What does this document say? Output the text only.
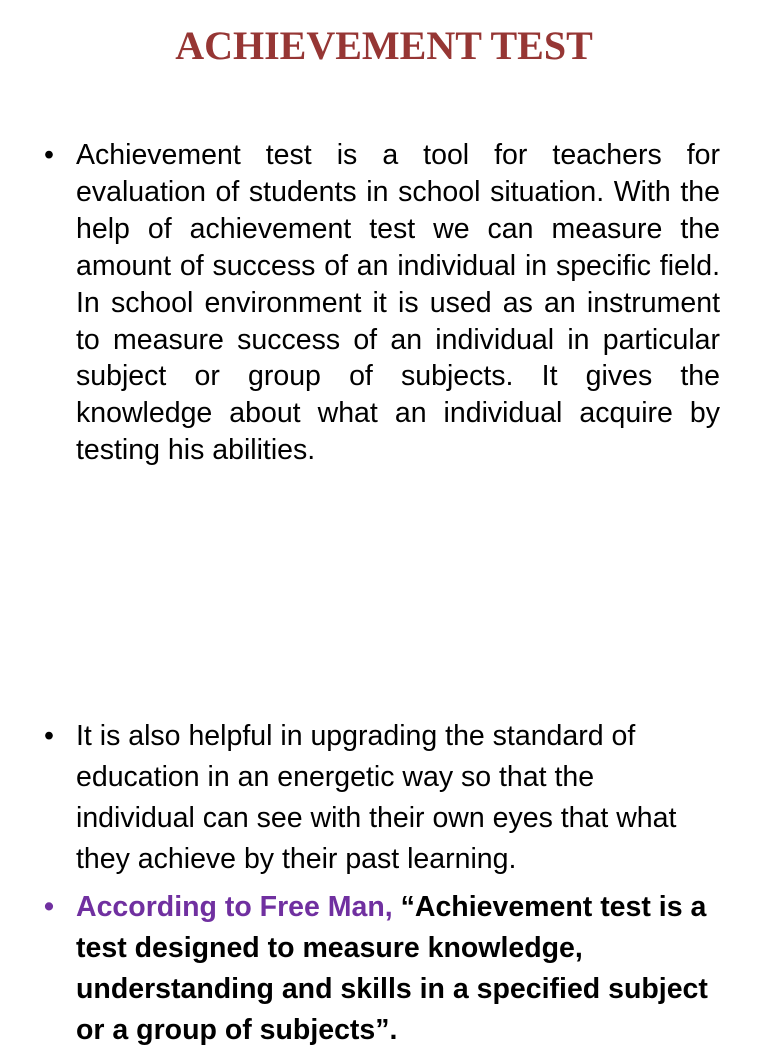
ACHIEVEMENT TEST
• Achievement test is a tool for teachers for evaluation of students in school situation. With the help of achievement test we can measure the amount of success of an individual in specific field. In school environment it is used as an instrument to measure success of an individual in particular subject or group of subjects. It gives the knowledge about what an individual acquire by testing his abilities.
• It is also helpful in upgrading the standard of education in an energetic way so that the individual can see with their own eyes that what they achieve by their past learning.
• According to Free Man, “Achievement test is a test designed to measure knowledge, understanding and skills in a specified subject or a group of subjects”.
